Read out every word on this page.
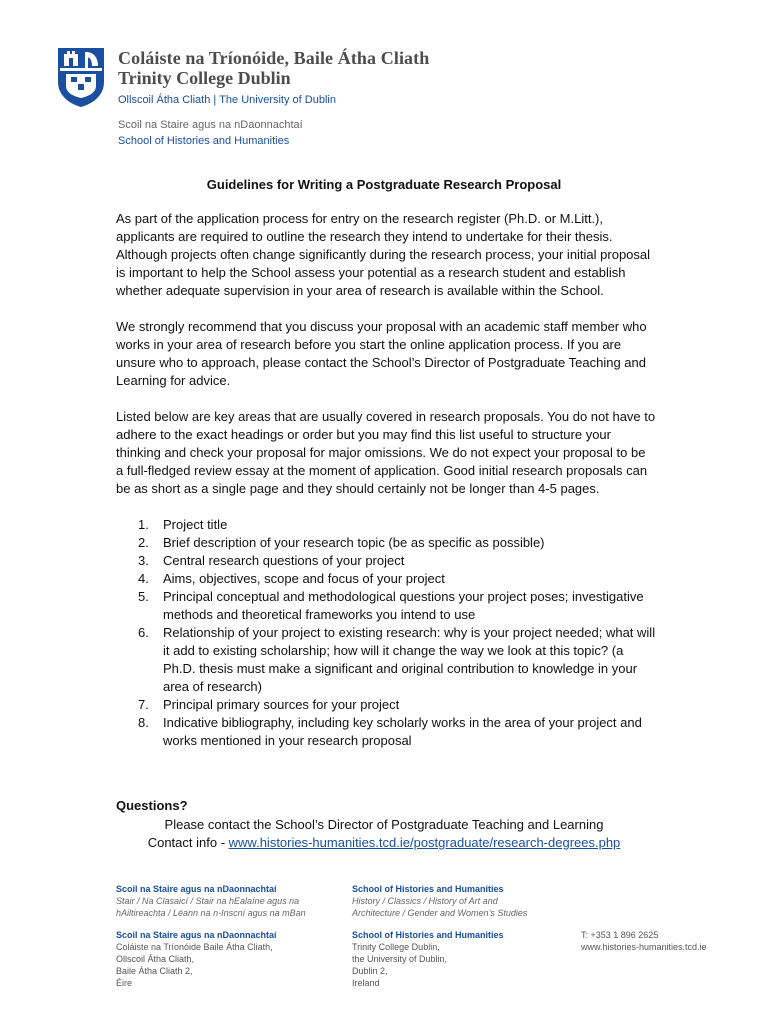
Coláiste na Tríonóide, Baile Átha Cliath
Trinity College Dublin
Ollscoil Átha Cliath | The University of Dublin
Scoil na Staire agus na nDaonnachtaí
School of Histories and Humanities
Guidelines for Writing a Postgraduate Research Proposal

As part of the application process for entry on the research register (Ph.D. or M.Litt.), applicants are required to outline the research they intend to undertake for their thesis. Although projects often change significantly during the research process, your initial proposal is important to help the School assess your potential as a research student and establish whether adequate supervision in your area of research is available within the School.

We strongly recommend that you discuss your proposal with an academic staff member who works in your area of research before you start the online application process. If you are unsure who to approach, please contact the School’s Director of Postgraduate Teaching and Learning for advice.

Listed below are key areas that are usually covered in research proposals. You do not have to adhere to the exact headings or order but you may find this list useful to structure your thinking and check your proposal for major omissions. We do not expect your proposal to be a full-fledged review essay at the moment of application. Good initial research proposals can be as short as a single page and they should certainly not be longer than 4-5 pages.

1. Project title
2. Brief description of your research topic (be as specific as possible)
3. Central research questions of your project
4. Aims, objectives, scope and focus of your project
5. Principal conceptual and methodological questions your project poses; investigative methods and theoretical frameworks you intend to use
6. Relationship of your project to existing research: why is your project needed; what will it add to existing scholarship; how will it change the way we look at this topic? (a Ph.D. thesis must make a significant and original contribution to knowledge in your area of research)
7. Principal primary sources for your project
8. Indicative bibliography, including key scholarly works in the area of your project and works mentioned in your research proposal
Questions?
Please contact the School’s Director of Postgraduate Teaching and Learning
Contact info - www.histories-humanities.tcd.ie/postgraduate/research-degrees.php
Scoil na Staire agus na nDaonnachtaí
Stair / Na Clasaicí / Stair na hEalaíne agus na
hAiltireachta / Léann na n-Inscní agus na mBan
School of Histories and Humanities
History / Classics / History of Art and
Architecture / Gender and Women’s Studies
Scoil na Staire agus na nDaonnachtaí
Coláiste na Tríonóide Baile Átha Cliath,
Ollscoil Átha Cliath,
Baile Átha Cliath 2,
Éire
School of Histories and Humanities
Trinity College Dublin,
the University of Dublin,
Dublin 2,
Ireland
T: +353 1 896 2625
www.histories-humanities.tcd.ie
